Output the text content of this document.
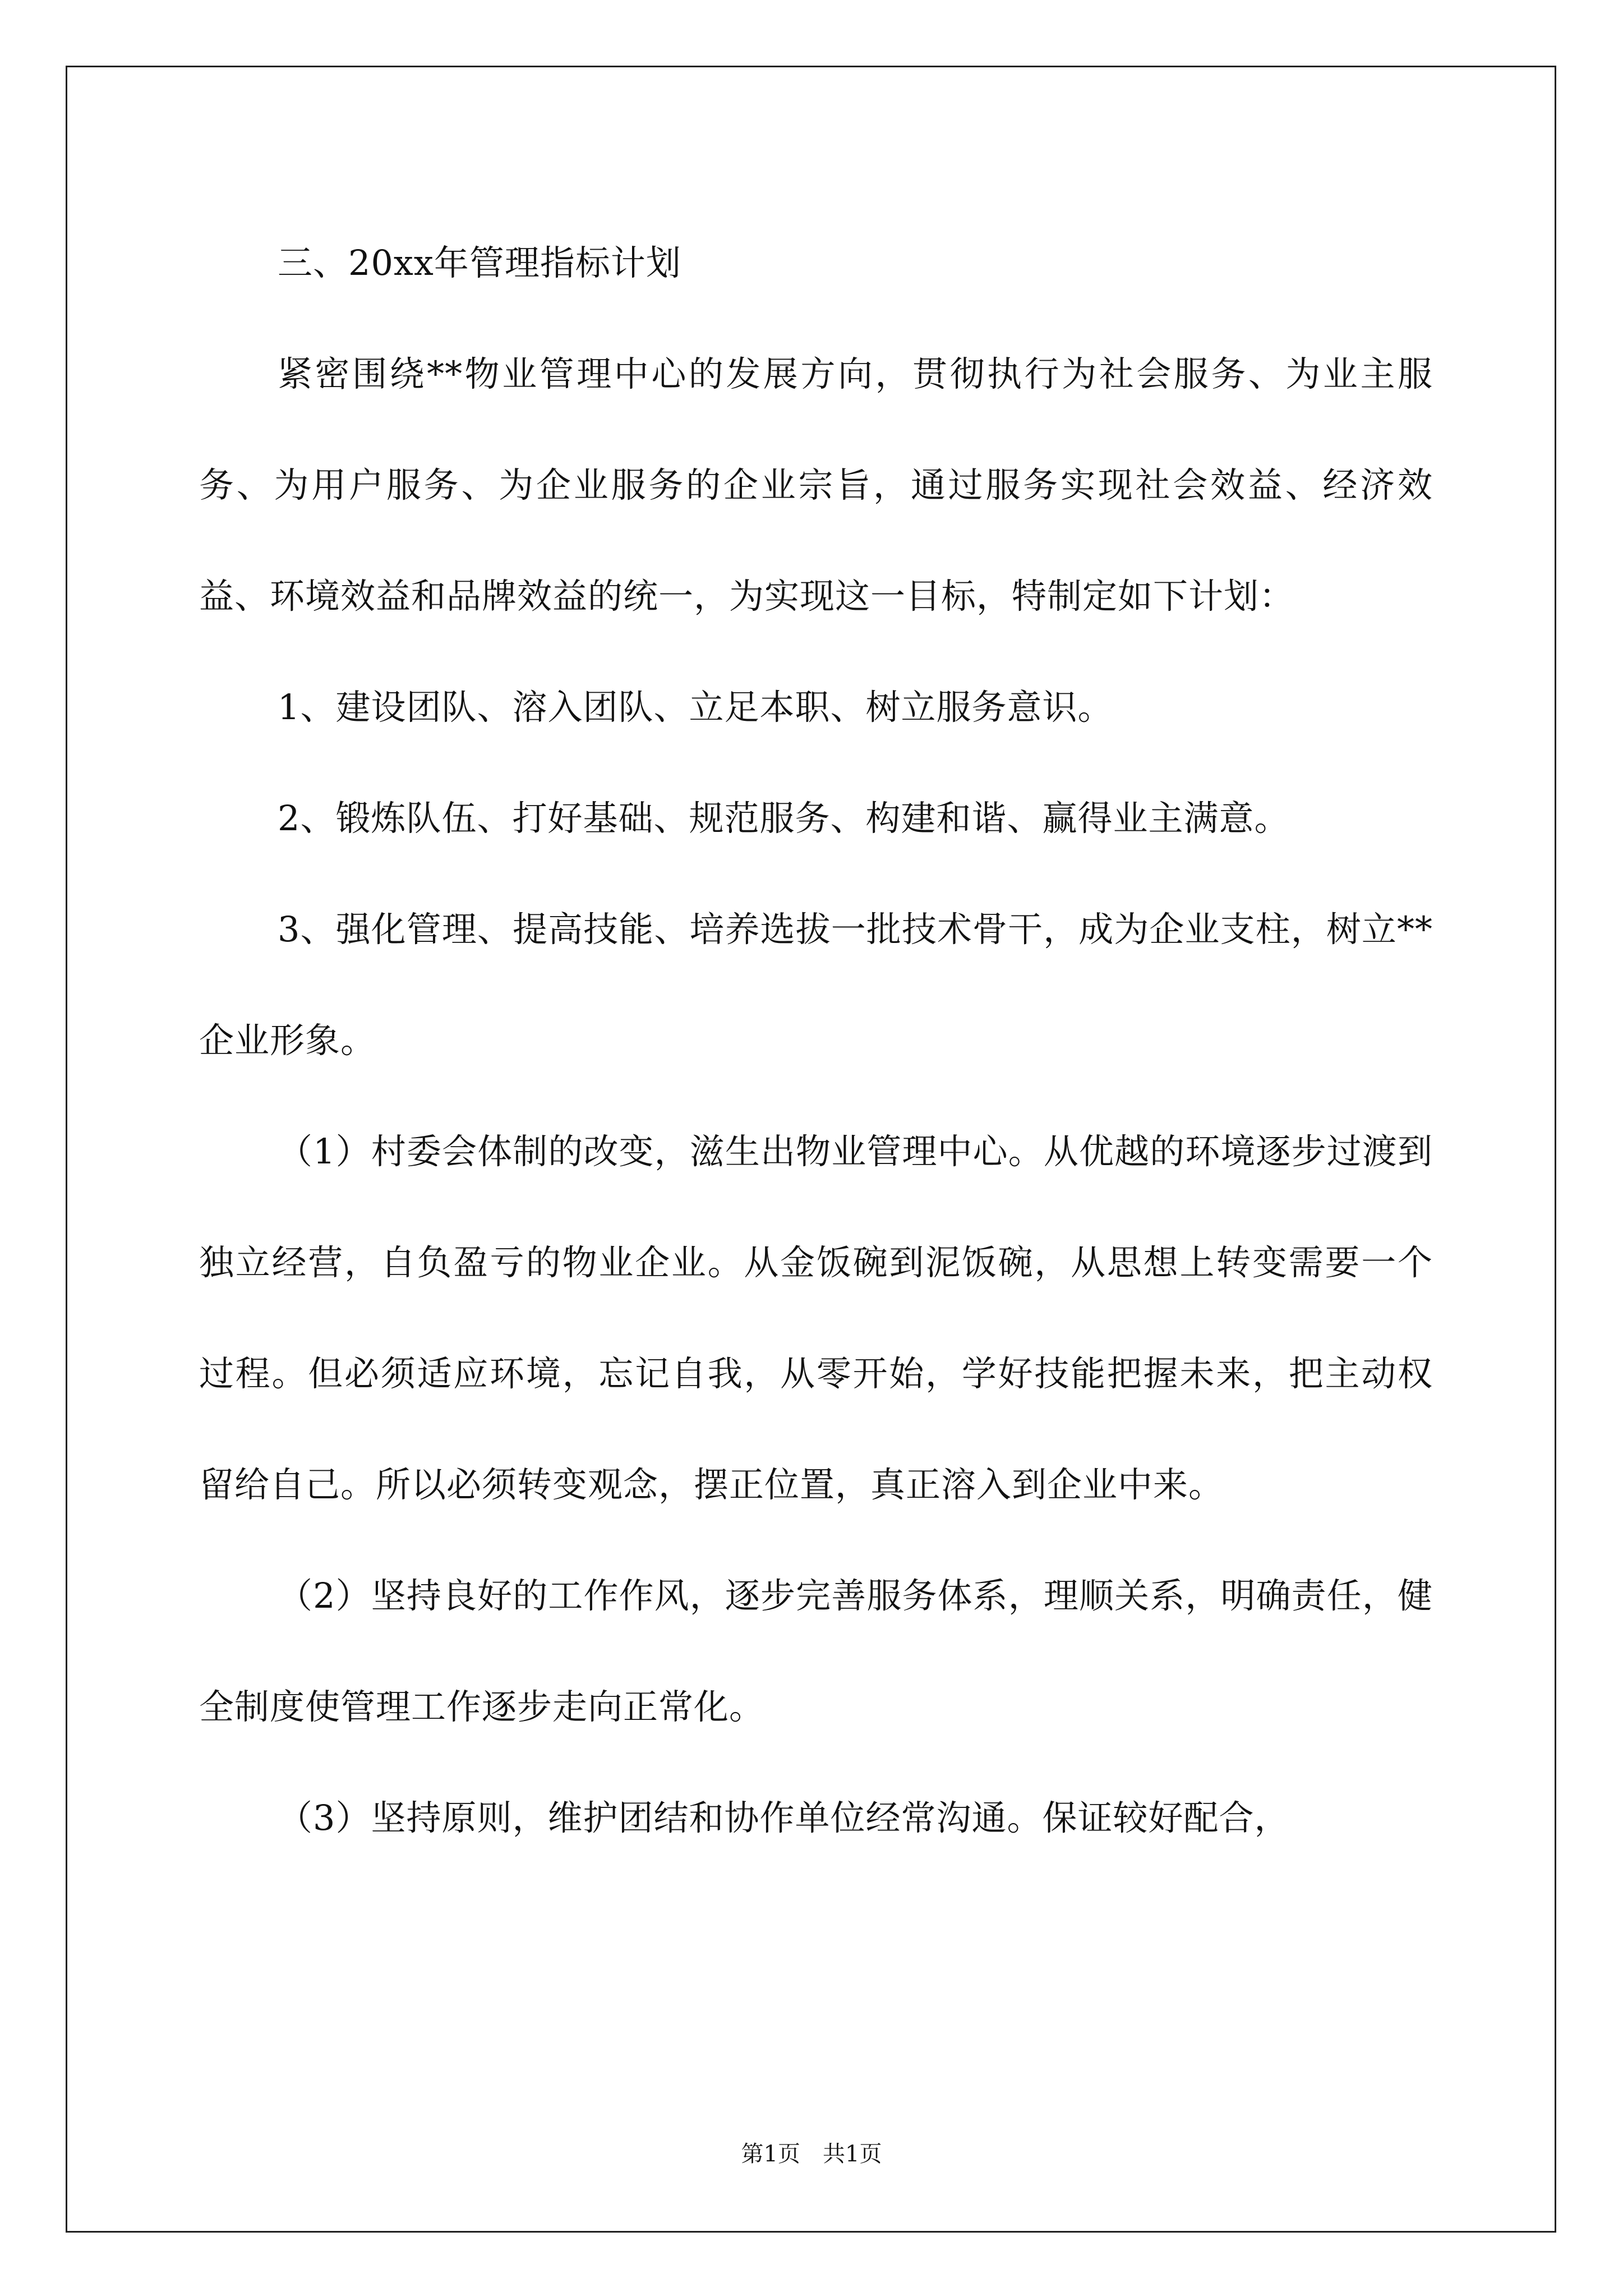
三、20xx年管理指标计划

紧密围绕**物业管理中心的发展方向，贯彻执行为社会服务、为业主服务、为用户服务、为企业服务的企业宗旨，通过服务实现社会效益、经济效益、环境效益和品牌效益的统一，为实现这一目标，特制定如下计划：

1、建设团队、溶入团队、立足本职、树立服务意识。

2、锻炼队伍、打好基础、规范服务、构建和谐、赢得业主满意。

3、强化管理、提高技能、培养选拔一批技术骨干，成为企业支柱，树立**企业形象。

（1）村委会体制的改变，滋生出物业管理中心。从优越的环境逐步过渡到独立经营，自负盈亏的物业企业。从金饭碗到泥饭碗，从思想上转变需要一个过程。但必须适应环境，忘记自我，从零开始，学好技能把握未来，把主动权留给自己。所以必须转变观念，摆正位置，真正溶入到企业中来。

（2）坚持良好的工作作风，逐步完善服务体系，理顺关系，明确责任，健全制度使管理工作逐步走向正常化。

（3）坚持原则，维护团结和协作单位经常沟通。保证较好配合，

第1页　共1页
